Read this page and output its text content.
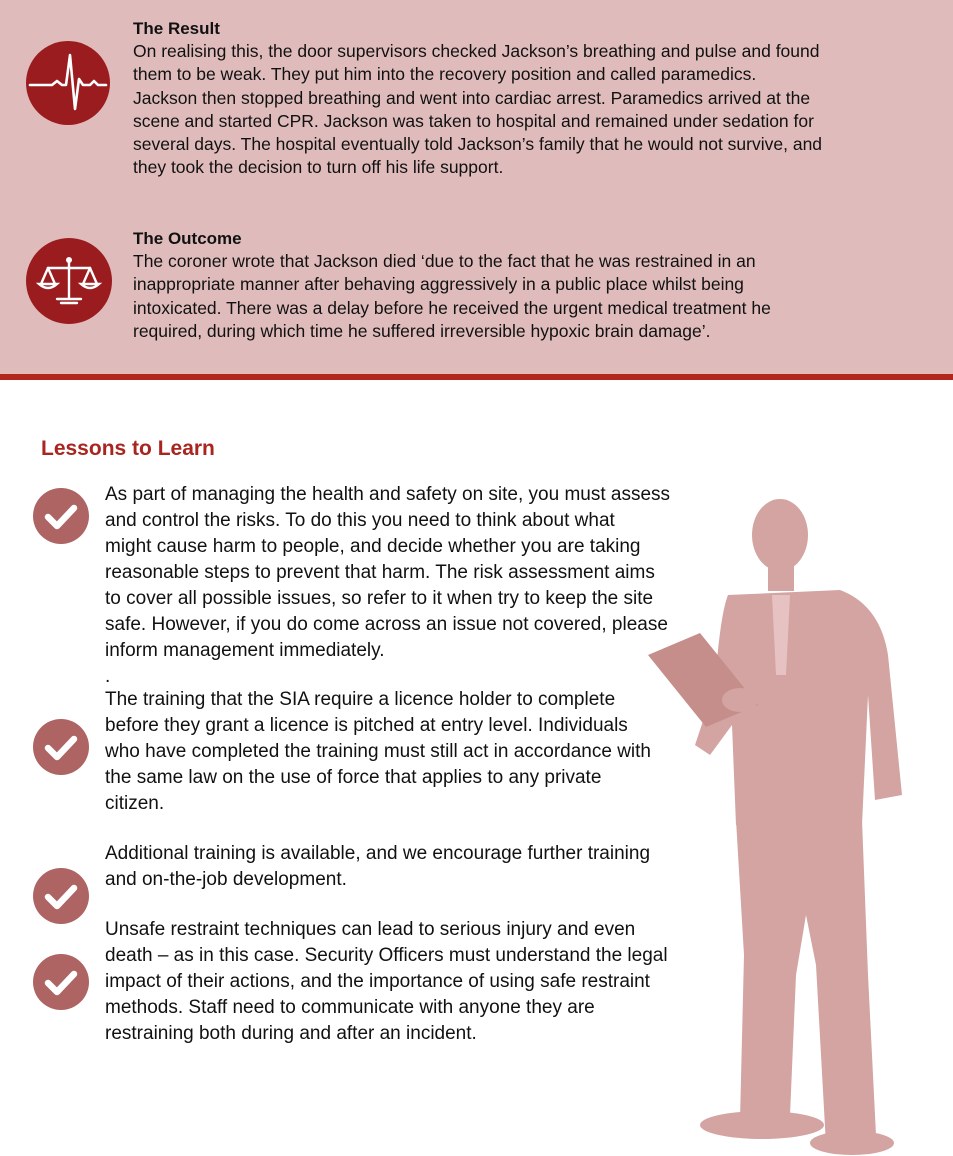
The Result

On realising this, the door supervisors checked Jackson’s breathing and pulse and found
them to be weak. They put him into the recovery position and called paramedics.
Jackson then stopped breathing and went into cardiac arrest. Paramedics arrived at the
scene and started CPR. Jackson was taken to hospital and remained under sedation for
several days. The hospital eventually told Jackson’s family that he would not survive, and
they took the decision to turn off his life support.

The Outcome

The coroner wrote that Jackson died ‘due to the fact that he was restrained in an
inappropriate manner after behaving aggressively in a public place whilst being
intoxicated. There was a delay before he received the urgent medical treatment he
required, during which time he suffered irreversible hypoxic brain damage’.

Lessons to Learn

As part of managing the health and safety on site, you must assess
and control the risks. To do this you need to think about what
might cause harm to people, and decide whether you are taking
reasonable steps to prevent that harm. The risk assessment aims
to cover all possible issues, so refer to it when try to keep the site
safe. However, if you do come across an issue not covered, please
inform management immediately.
.

The training that the SIA require a licence holder to complete
before they grant a licence is pitched at entry level. Individuals
who have completed the training must still act in accordance with
the same law on the use of force that applies to any private
citizen.

Additional training is available, and we encourage further training
and on-the-job development.

Unsafe restraint techniques can lead to serious injury and even
death – as in this case. Security Officers must understand the legal
impact of their actions, and the importance of using safe restraint
methods. Staff need to communicate with anyone they are
restraining both during and after an incident.
